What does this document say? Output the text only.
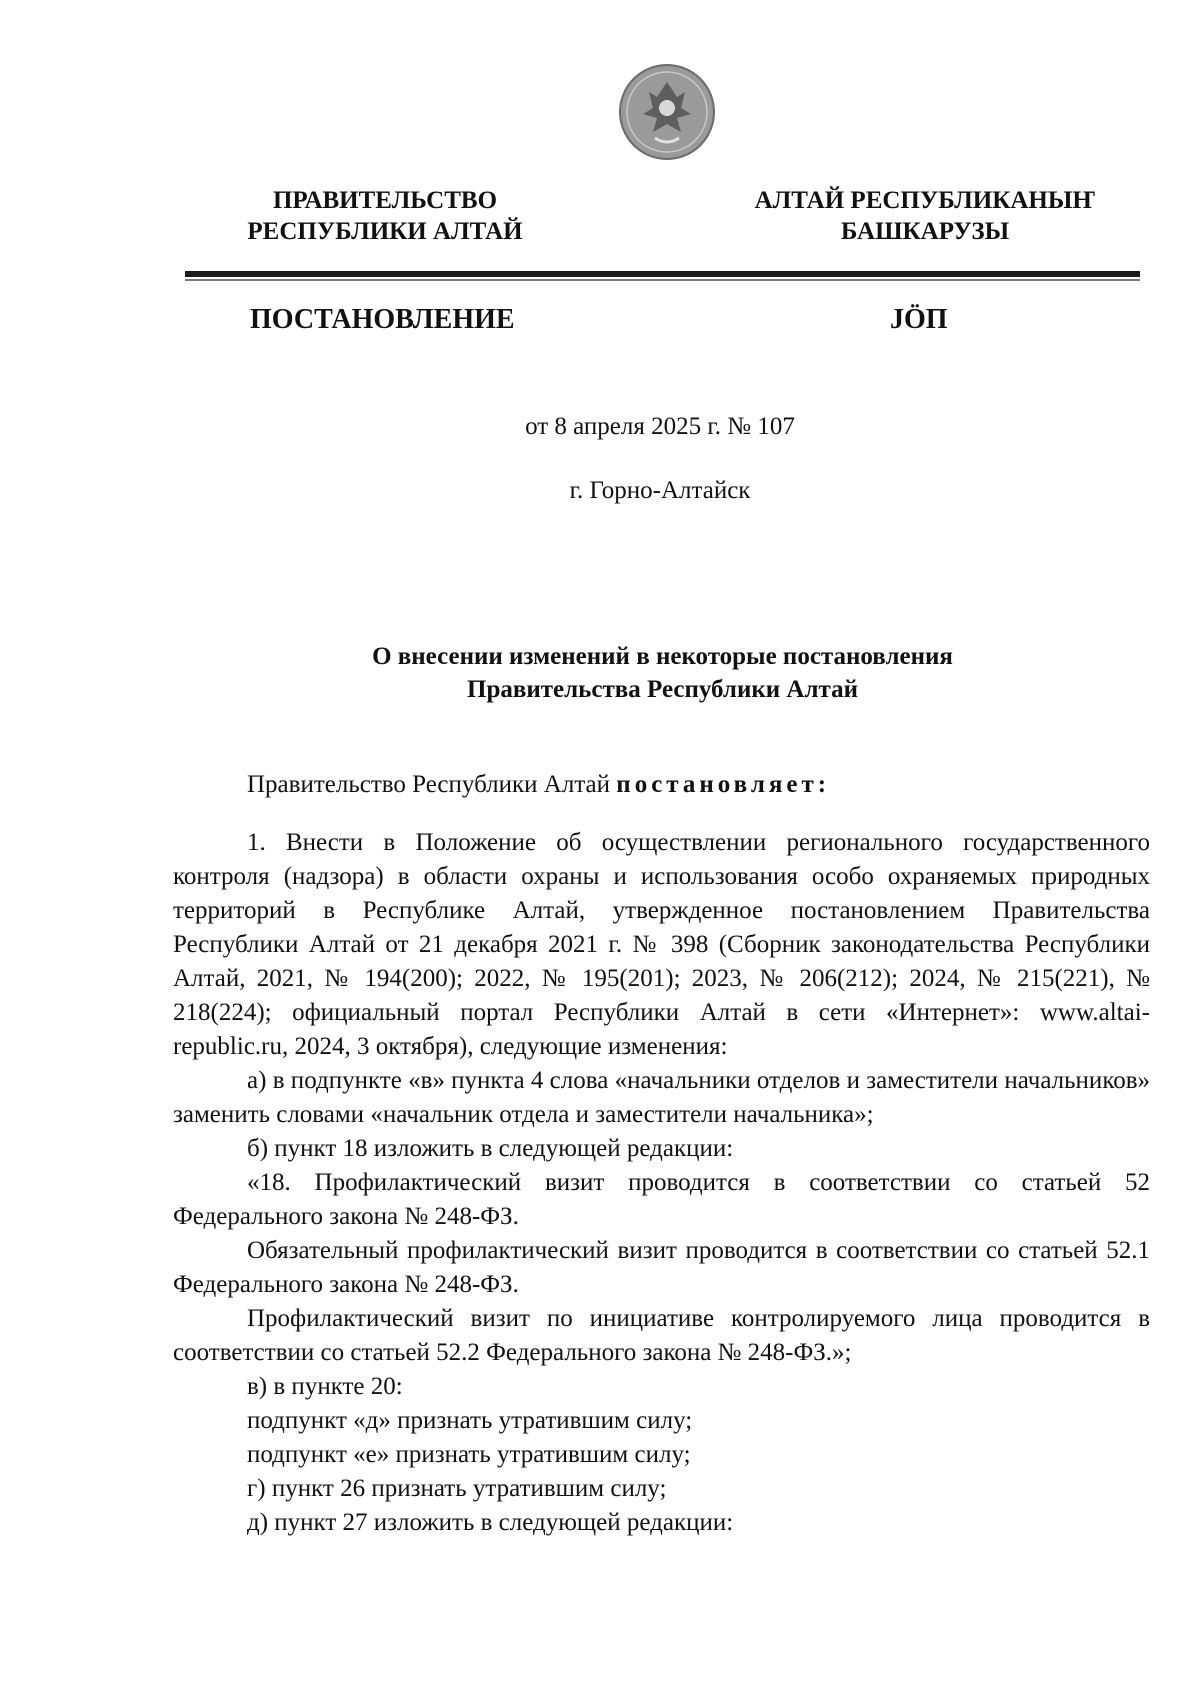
ПРАВИТЕЛЬСТВО
РЕСПУБЛИКИ АЛТАЙ
АЛТАЙ РЕСПУБЛИКАНЫҤ
БАШКАРУЗЫ
ПОСТАНОВЛЕНИЕ	JÖП
от 8 апреля 2025 г. № 107
г. Горно-Алтайск
О внесении изменений в некоторые постановления
Правительства Республики Алтай

Правительство Республики Алтай постановляет:

1. Внести в Положение об осуществлении регионального государственного контроля (надзора) в области охраны и использования особо охраняемых природных территорий в Республике Алтай, утвержденное постановлением Правительства Республики Алтай от 21 декабря 2021 г. № 398 (Сборник законодательства Республики Алтай, 2021, № 194(200); 2022, № 195(201); 2023, № 206(212); 2024, № 215(221), № 218(224); официальный портал Республики Алтай в сети «Интернет»: www.altai-republic.ru, 2024, 3 октября), следующие изменения:

а) в подпункте «в» пункта 4 слова «начальники отделов и заместители начальников» заменить словами «начальник отдела и заместители начальника»;

б) пункт 18 изложить в следующей редакции:

«18. Профилактический визит проводится в соответствии со статьей 52 Федерального закона № 248-ФЗ.

Обязательный профилактический визит проводится в соответствии со статьей 52.1 Федерального закона № 248-ФЗ.

Профилактический визит по инициативе контролируемого лица проводится в соответствии со статьей 52.2 Федерального закона № 248-ФЗ.»;

в) в пункте 20:

подпункт «д» признать утратившим силу;

подпункт «е» признать утратившим силу;

г) пункт 26 признать утратившим силу;

д) пункт 27 изложить в следующей редакции:
